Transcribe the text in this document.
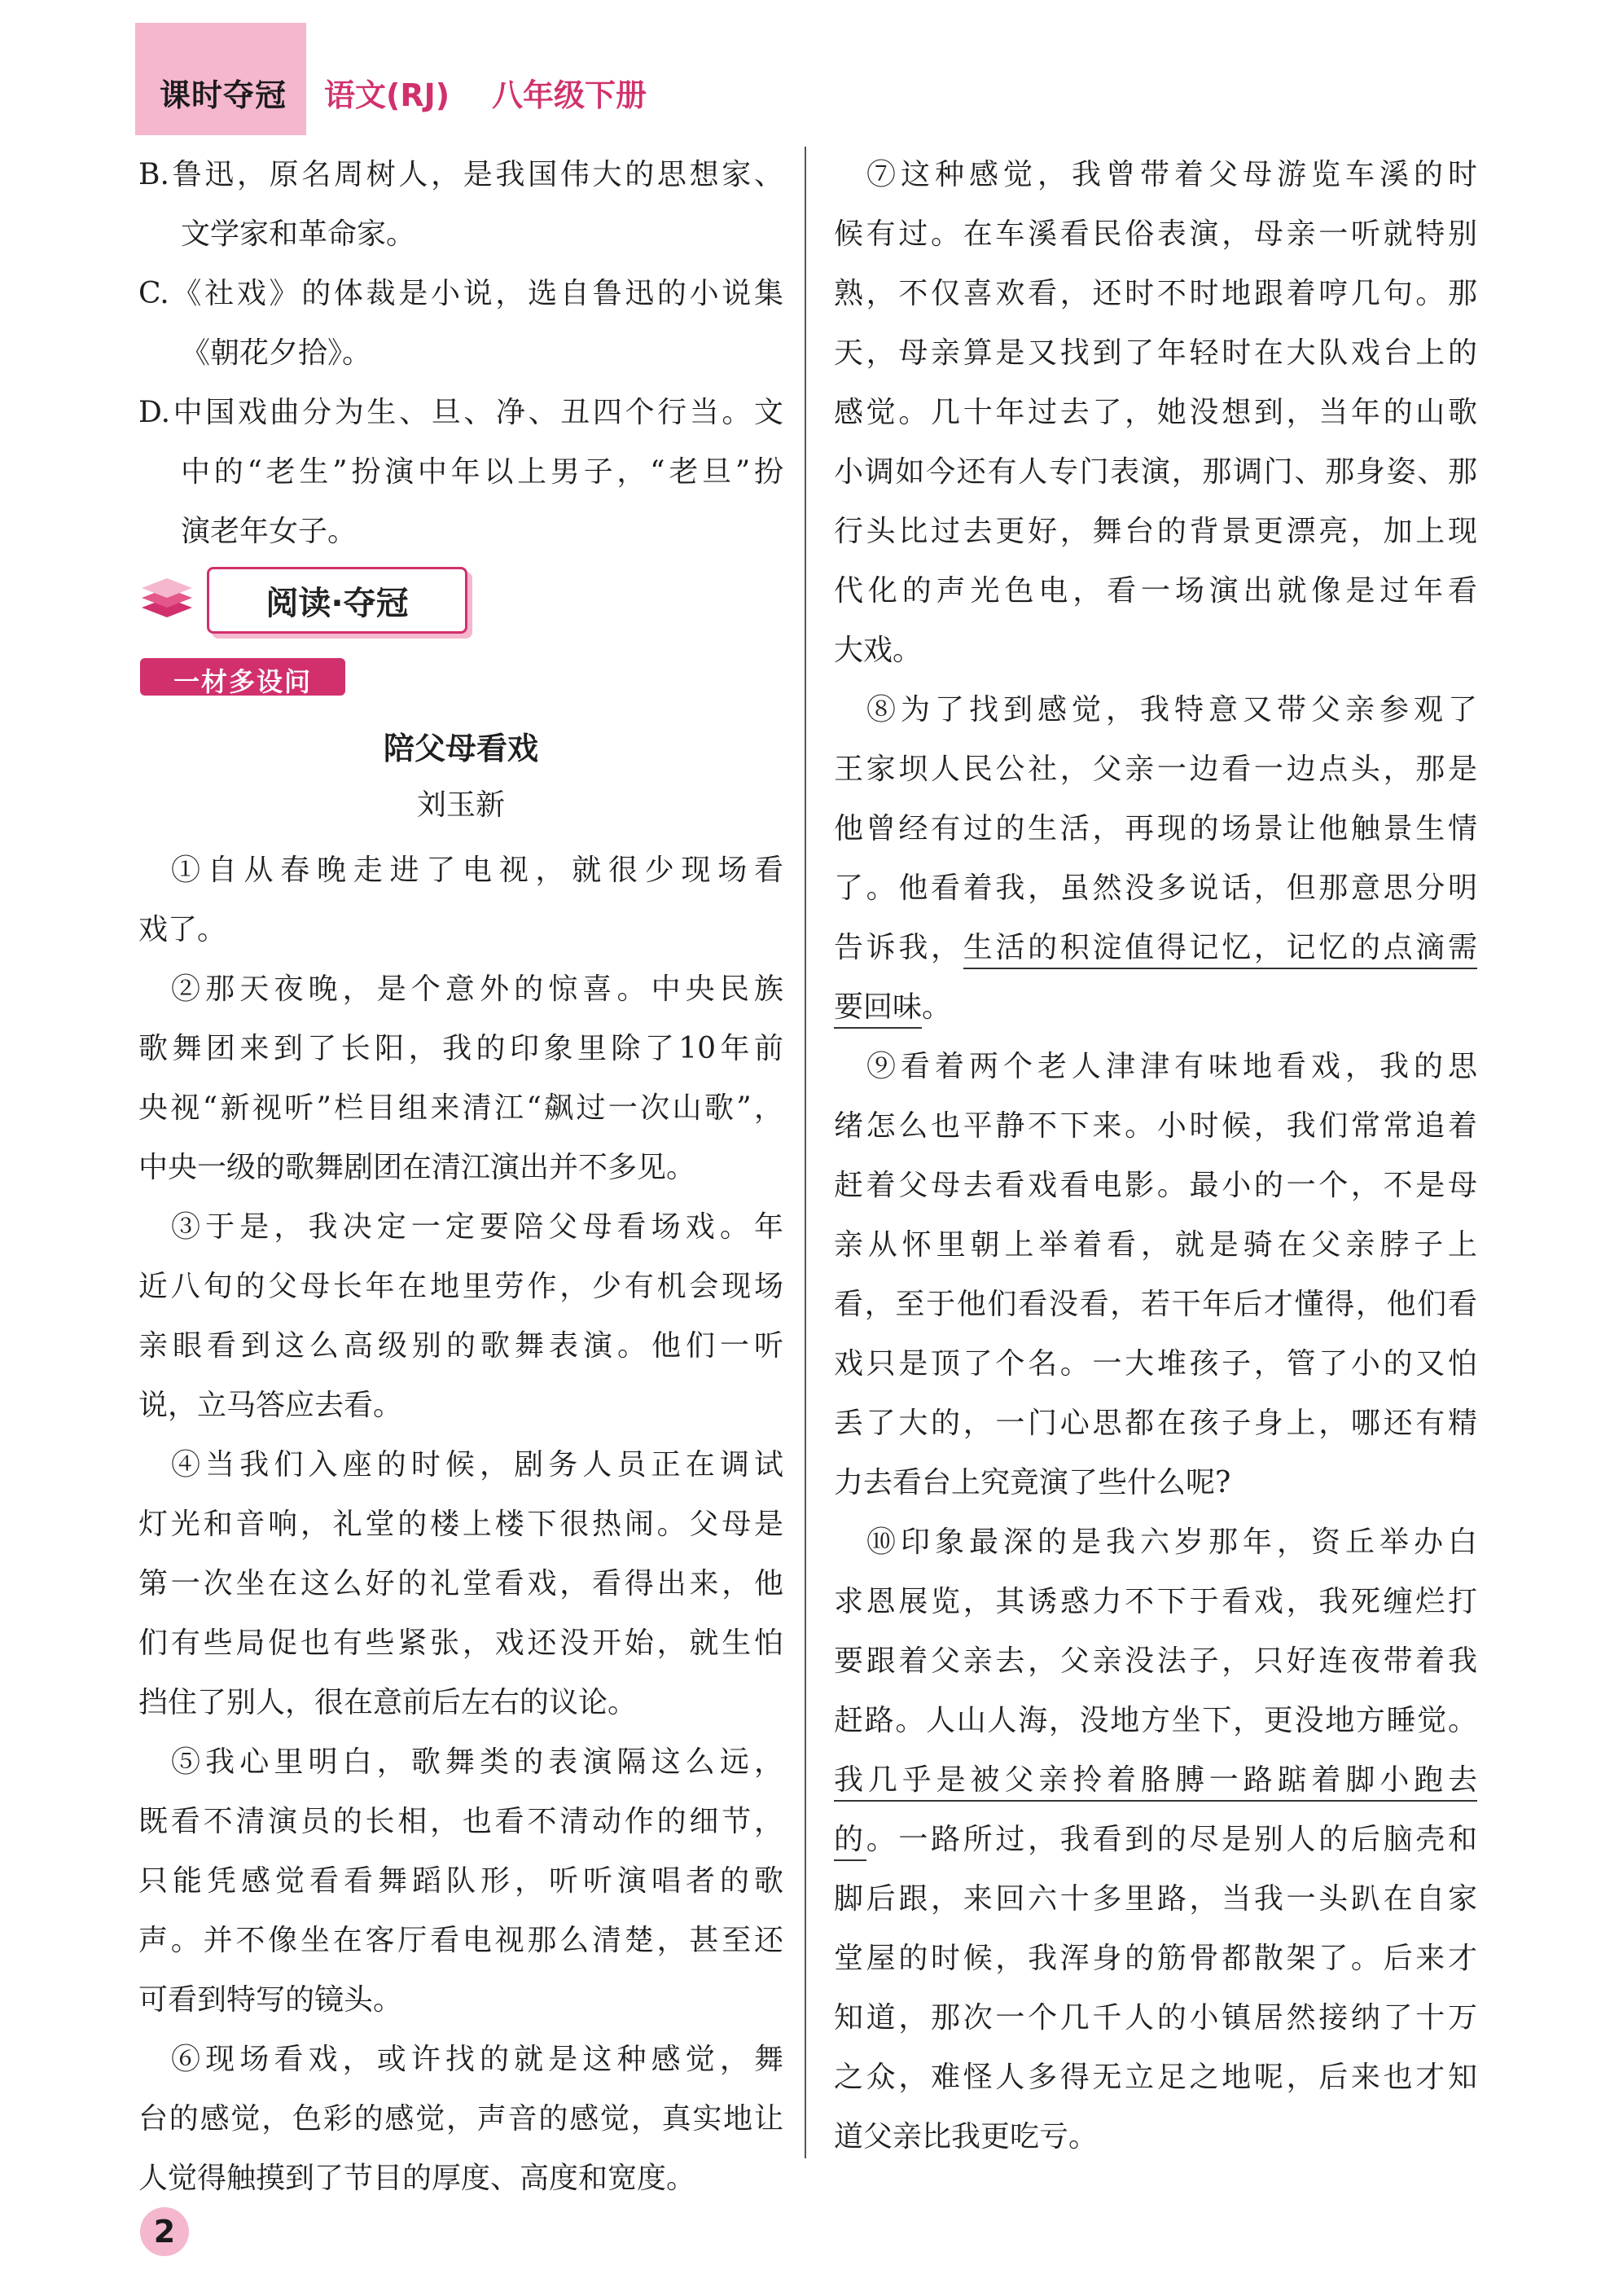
课时夺冠 语文(RJ) 八年级下册
B.鲁迅，原名周树人，是我国伟大的思想家、
文学家和革命家。
C.《社戏》的体裁是小说，选自鲁迅的小说集
《朝花夕拾》。
D.中国戏曲分为生、旦、净、丑四个行当。文
中的“老生”扮演中年以上男子，“老旦”扮
演老年女子。
阅读·夺冠
一材多设问
陪父母看戏
刘玉新
①自从春晚走进了电视，就很少现场看
戏了。
②那天夜晚，是个意外的惊喜。中央民族
歌舞团来到了长阳，我的印象里除了10年前
央视“新视听”栏目组来清江“飙过一次山歌”，
中央一级的歌舞剧团在清江演出并不多见。
③于是，我决定一定要陪父母看场戏。年
近八旬的父母长年在地里劳作，少有机会现场
亲眼看到这么高级别的歌舞表演。他们一听
说，立马答应去看。
④当我们入座的时候，剧务人员正在调试
灯光和音响，礼堂的楼上楼下很热闹。父母是
第一次坐在这么好的礼堂看戏，看得出来，他
们有些局促也有些紧张，戏还没开始，就生怕
挡住了别人，很在意前后左右的议论。
⑤我心里明白，歌舞类的表演隔这么远，
既看不清演员的长相，也看不清动作的细节，
只能凭感觉看看舞蹈队形，听听演唱者的歌
声。并不像坐在客厅看电视那么清楚，甚至还
可看到特写的镜头。
⑥现场看戏，或许找的就是这种感觉，舞
台的感觉，色彩的感觉，声音的感觉，真实地让
人觉得触摸到了节目的厚度、高度和宽度。
⑦这种感觉，我曾带着父母游览车溪的时
候有过。在车溪看民俗表演，母亲一听就特别
熟，不仅喜欢看，还时不时地跟着哼几句。那
天，母亲算是又找到了年轻时在大队戏台上的
感觉。几十年过去了，她没想到，当年的山歌
小调如今还有人专门表演，那调门、那身姿、那
行头比过去更好，舞台的背景更漂亮，加上现
代化的声光色电，看一场演出就像是过年看
大戏。
⑧为了找到感觉，我特意又带父亲参观了
王家坝人民公社，父亲一边看一边点头，那是
他曾经有过的生活，再现的场景让他触景生情
了。他看着我，虽然没多说话，但那意思分明
告诉我，生活的积淀值得记忆，记忆的点滴需
要回味。
⑨看着两个老人津津有味地看戏，我的思
绪怎么也平静不下来。小时候，我们常常追着
赶着父母去看戏看电影。最小的一个，不是母
亲从怀里朝上举着看，就是骑在父亲脖子上
看，至于他们看没看，若干年后才懂得，他们看
戏只是顶了个名。一大堆孩子，管了小的又怕
丢了大的，一门心思都在孩子身上，哪还有精
力去看台上究竟演了些什么呢?
⑩印象最深的是我六岁那年，资丘举办白
求恩展览，其诱惑力不下于看戏，我死缠烂打
要跟着父亲去，父亲没法子，只好连夜带着我
赶路。人山人海，没地方坐下，更没地方睡觉。
我几乎是被父亲拎着胳膊一路踮着脚小跑去
的。一路所过，我看到的尽是别人的后脑壳和
脚后跟，来回六十多里路，当我一头趴在自家
堂屋的时候，我浑身的筋骨都散架了。后来才
知道，那次一个几千人的小镇居然接纳了十万
之众，难怪人多得无立足之地呢，后来也才知
道父亲比我更吃亏。
2
